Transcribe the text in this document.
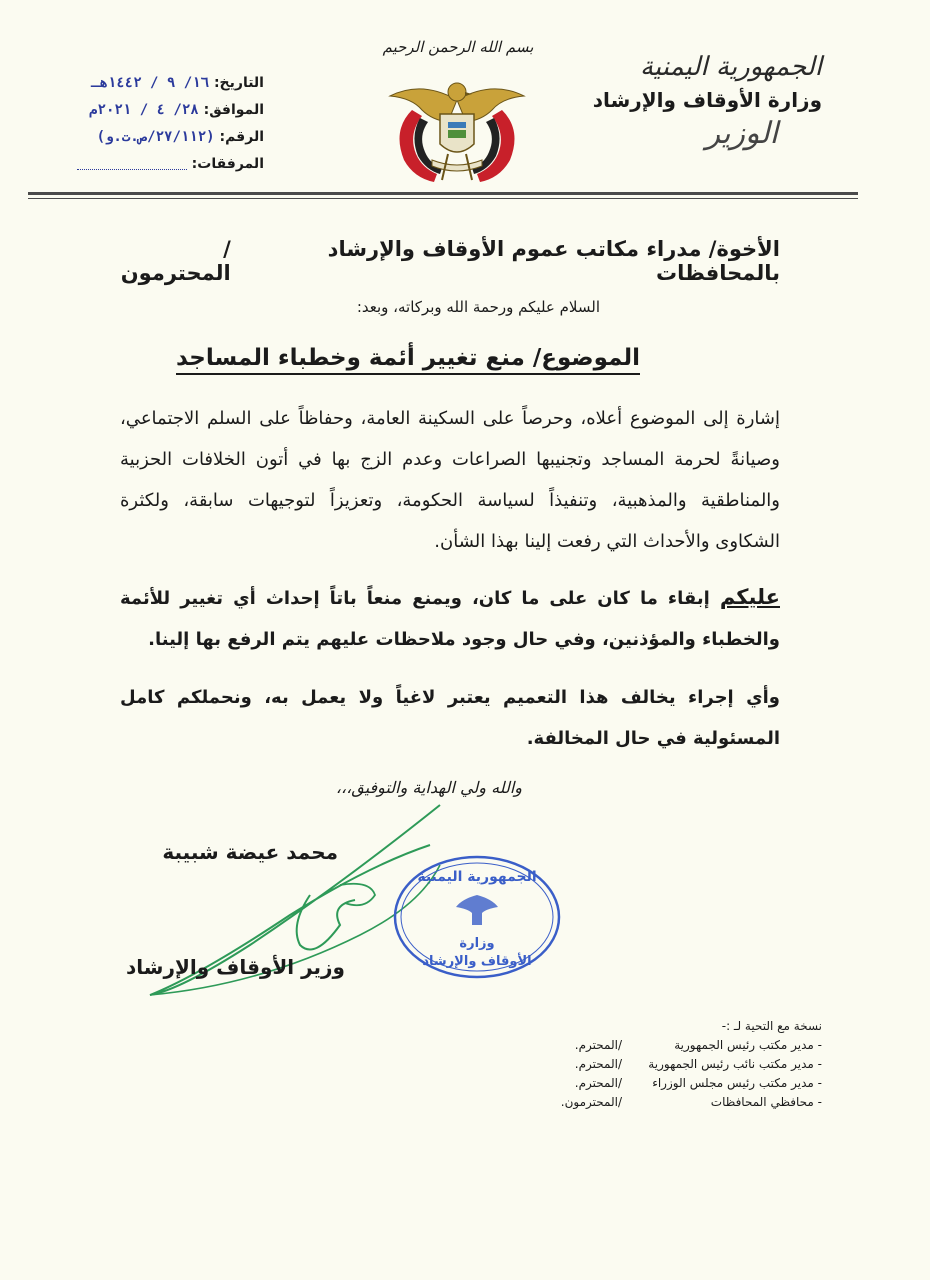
الجمهورية اليمنية
وزارة الأوقاف والإرشاد
الوزير
بسم الله الرحمن الرحيم
التاريخ: ١٦/ ٩ / ١٤٤٢هـ
الموافق: ٢٨/ ٤ / ٢٠٢١م
الرقم: (٢٧/١١٢/ص.ت.و)
المرفقات:
الأخوة/ مدراء مكاتب عموم الأوقاف والإرشاد بالمحافظات
/المحترمون
السلام عليكم ورحمة الله وبركاته، وبعد:
الموضوع/ منع تغيير أئمة وخطباء المساجد
إشارة إلى الموضوع أعلاه، وحرصاً على السكينة العامة، وحفاظاً على السلم الاجتماعي، وصيانةً لحرمة المساجد وتجنيبها الصراعات وعدم الزج بها في أتون الخلافات الحزبية والمناطقية والمذهبية، وتنفيذاً لسياسة الحكومة، وتعزيزاً لتوجيهات سابقة، ولكثرة الشكاوى والأحداث التي رفعت إلينا بهذا الشأن.
عليكم إبقاء ما كان على ما كان، ويمنع منعاً باتاً إحداث أي تغيير للأئمة والخطباء والمؤذنين، وفي حال وجود ملاحظات عليهم يتم الرفع بها إلينا.
وأي إجراء يخالف هذا التعميم يعتبر لاغياً ولا يعمل به، ونحملكم كامل المسئولية في حال المخالفة.
والله ولي الهداية والتوفيق،،،
محمد عيضة شبيبة
وزير الأوقاف والإرشاد
الجمهورية اليمنية
وزارة
الأوقاف والإرشاد
نسخة مع التحية لـ :-
- مدير مكتب رئيس الجمهورية
/المحترم.
- مدير مكتب نائب رئيس الجمهورية
/المحترم.
- مدير مكتب رئيس مجلس الوزراء
/المحترم.
- محافظي المحافظات
/المحترمون.
